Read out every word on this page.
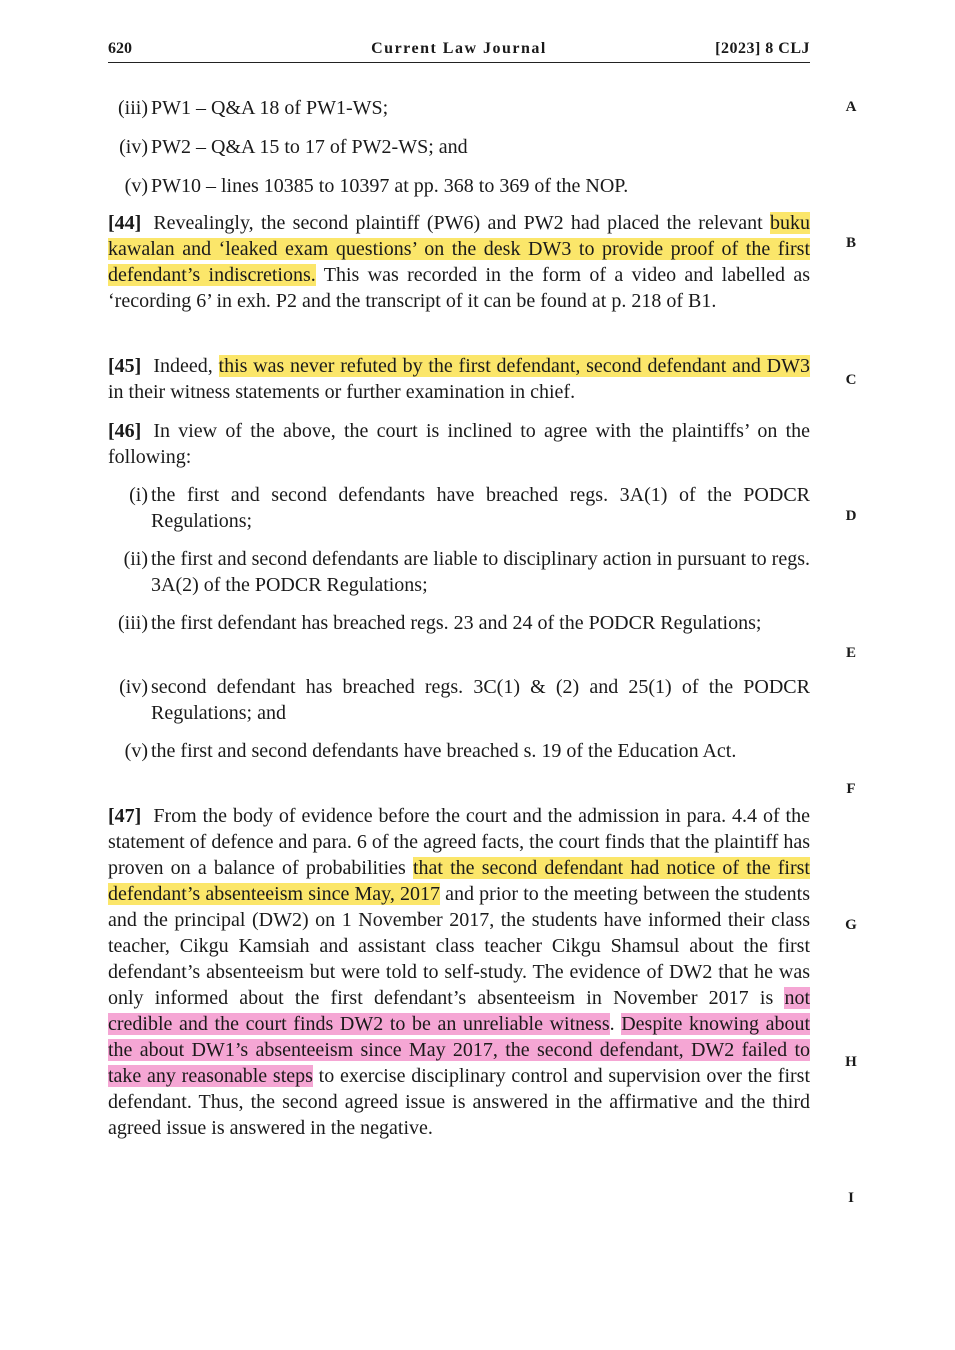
620	Current Law Journal	[2023] 8 CLJ
A
B
C
D
E
F
G
H
I
(iii) PW1 – Q&A 18 of PW1-WS;
(iv) PW2 – Q&A 15 to 17 of PW2-WS; and
(v) PW10 – lines 10385 to 10397 at pp. 368 to 369 of the NOP.

[44] Revealingly, the second plaintiff (PW6) and PW2 had placed the relevant buku kawalan and ‘leaked exam questions’ on the desk DW3 to provide proof of the first defendant’s indiscretions. This was recorded in the form of a video and labelled as ‘recording 6’ in exh. P2 and the transcript of it can be found at p. 218 of B1.

[45] Indeed, this was never refuted by the first defendant, second defendant and DW3 in their witness statements or further examination in chief.

[46] In view of the above, the court is inclined to agree with the plaintiffs’ on the following:

(i) the first and second defendants have breached regs. 3A(1) of the PODCR Regulations;
(ii) the first and second defendants are liable to disciplinary action in pursuant to regs. 3A(2) of the PODCR Regulations;
(iii) the first defendant has breached regs. 23 and 24 of the PODCR Regulations;
(iv) second defendant has breached regs. 3C(1) & (2) and 25(1) of the PODCR Regulations; and
(v) the first and second defendants have breached s. 19 of the Education Act.

[47] From the body of evidence before the court and the admission in para. 4.4 of the statement of defence and para. 6 of the agreed facts, the court finds that the plaintiff has proven on a balance of probabilities that the second defendant had notice of the first defendant’s absenteeism since May, 2017 and prior to the meeting between the students and the principal (DW2) on 1 November 2017, the students have informed their class teacher, Cikgu Kamsiah and assistant class teacher Cikgu Shamsul about the first defendant’s absenteeism but were told to self-study. The evidence of DW2 that he was only informed about the first defendant’s absenteeism in November 2017 is not credible and the court finds DW2 to be an unreliable witness. Despite knowing about the about DW1’s absenteeism since May 2017, the second defendant, DW2 failed to take any reasonable steps to exercise disciplinary control and supervision over the first defendant. Thus, the second agreed issue is answered in the affirmative and the third agreed issue is answered in the negative.
